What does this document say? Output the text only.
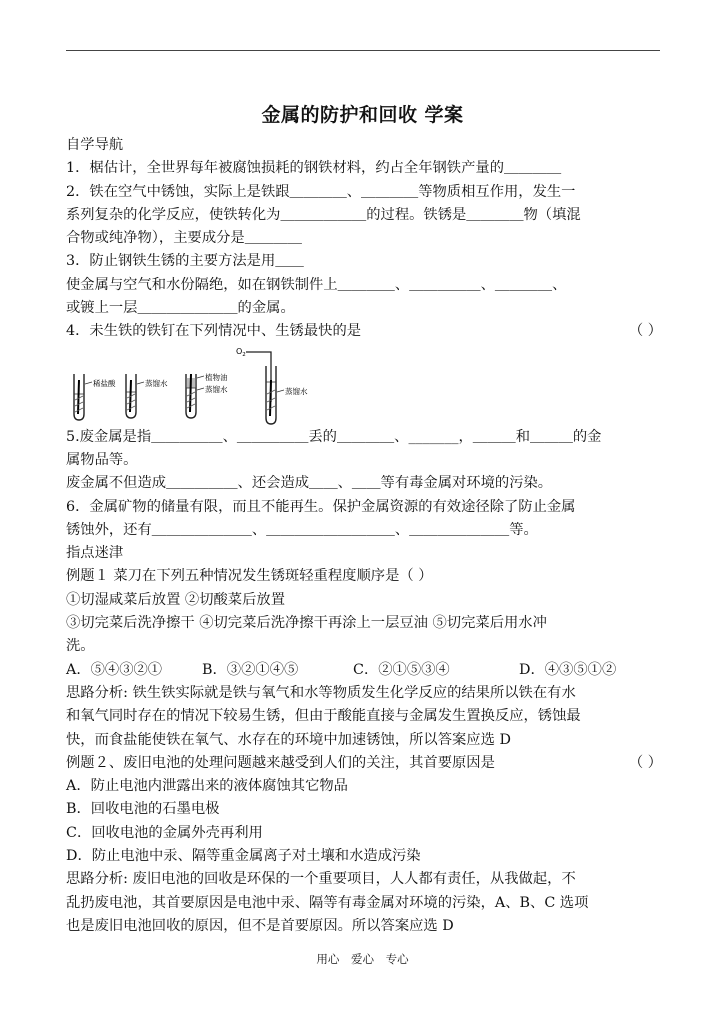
金属的防护和回收 学案
自学导航
1．椐估计，全世界每年被腐蚀损耗的钢铁材料，约占全年钢铁产量的＿＿＿＿
2．铁在空气中锈蚀，实际上是铁跟＿＿＿＿、＿＿＿＿等物质相互作用，发生一
系列复杂的化学反应，使铁转化为＿＿＿＿＿＿的过程。铁锈是＿＿＿＿物（填混
合物或纯净物），主要成分是＿＿＿＿
3．防止钢铁生锈的主要方法是用＿＿
使金属与空气和水份隔绝，如在钢铁制件上＿＿＿＿、＿＿＿＿＿、＿＿＿＿、
或镀上一层＿＿＿＿＿＿＿的金属。
4．未生铁的铁钉在下列情况中、生锈最快的是	（ ）
稀盐酸	蒸馏水
植物油
蒸馏水
$O_2$
蒸馏水
5.废金属是指＿＿＿＿＿、＿＿＿＿＿丢的＿＿＿＿、_______，＿＿＿和＿＿＿的金
属物品等。
废金属不但造成＿＿＿＿＿、还会造成＿＿、＿＿等有毒金属对环境的污染。
6．金属矿物的储量有限，而且不能再生。保护金属资源的有效途径除了防止金属
锈蚀外，还有＿＿＿＿＿＿＿、＿＿＿＿＿＿＿＿＿、＿＿＿＿＿＿＿等。
指点迷津
例题１ 菜刀在下列五种情况发生锈斑轻重程度顺序是（ ）
①切湿咸菜后放置 ②切酸菜后放置
③切完菜后洗净擦干 ④切完菜后洗净擦干再涂上一层豆油 ⑤切完菜后用水冲
洗。
A．⑤④③②①	B．③②①④⑤	C．②①⑤③④	D．④③⑤①②
思路分析: 铁生铁实际就是铁与氧气和水等物质发生化学反应的结果所以铁在有水
和氧气同时存在的情况下较易生锈，但由于酸能直接与金属发生置换反应，锈蚀最
快，而食盐能使铁在氧气、水存在的环境中加速锈蚀，所以答案应选 D
例题２、废旧电池的处理问题越来越受到人们的关注，其首要原因是	（ ）
A．防止电池内泄露出来的液体腐蚀其它物品
B．回收电池的石墨电极
C．回收电池的金属外壳再利用
D．防止电池中汞、隔等重金属离子对土壤和水造成污染
思路分析: 废旧电池的回收是环保的一个重要项目，人人都有责任，从我做起，不
乱扔废电池，其首要原因是电池中汞、隔等有毒金属对环境的污染，A、B、C 选项
也是废旧电池回收的原因，但不是首要原因。所以答案应选 D
用心 爱心 专心
